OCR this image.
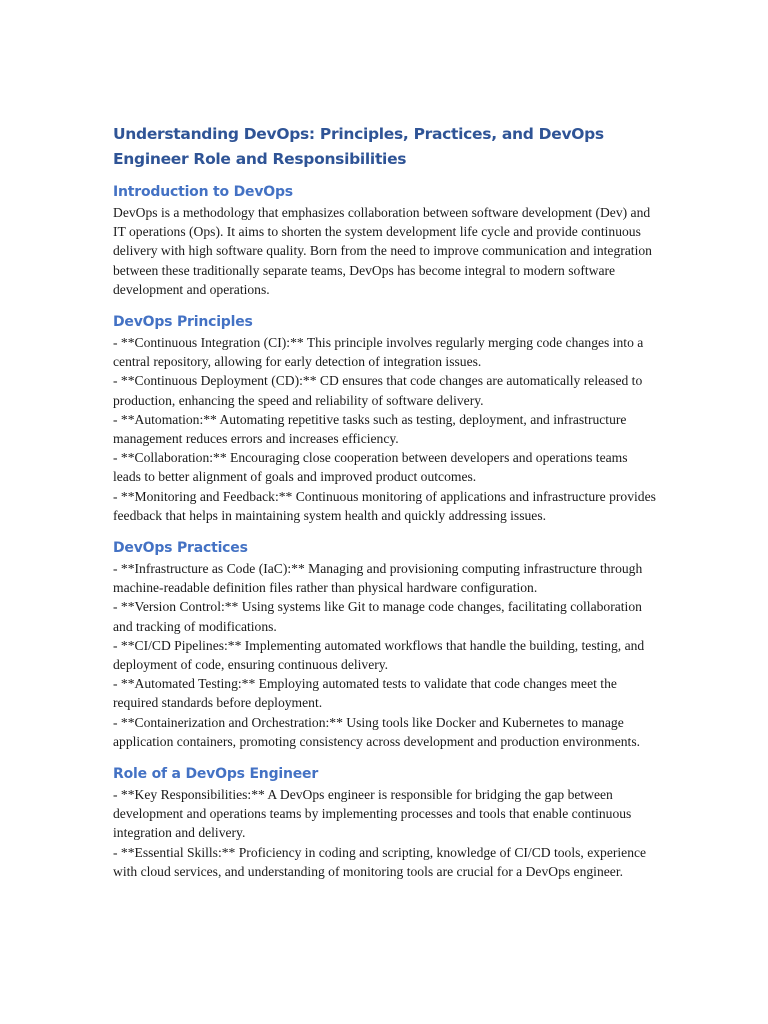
Understanding DevOps: Principles, Practices, and DevOps Engineer Role and Responsibilities
Introduction to DevOps

DevOps is a methodology that emphasizes collaboration between software development (Dev) and IT operations (Ops). It aims to shorten the system development life cycle and provide continuous delivery with high software quality. Born from the need to improve communication and integration between these traditionally separate teams, DevOps has become integral to modern software development and operations.

DevOps Principles

- **Continuous Integration (CI):** This principle involves regularly merging code changes into a central repository, allowing for early detection of integration issues.

- **Continuous Deployment (CD):** CD ensures that code changes are automatically released to production, enhancing the speed and reliability of software delivery.

- **Automation:** Automating repetitive tasks such as testing, deployment, and infrastructure management reduces errors and increases efficiency.

- **Collaboration:** Encouraging close cooperation between developers and operations teams leads to better alignment of goals and improved product outcomes.

- **Monitoring and Feedback:** Continuous monitoring of applications and infrastructure provides feedback that helps in maintaining system health and quickly addressing issues.

DevOps Practices

- **Infrastructure as Code (IaC):** Managing and provisioning computing infrastructure through machine-readable definition files rather than physical hardware configuration.

- **Version Control:** Using systems like Git to manage code changes, facilitating collaboration and tracking of modifications.

- **CI/CD Pipelines:** Implementing automated workflows that handle the building, testing, and deployment of code, ensuring continuous delivery.

- **Automated Testing:** Employing automated tests to validate that code changes meet the required standards before deployment.

- **Containerization and Orchestration:** Using tools like Docker and Kubernetes to manage application containers, promoting consistency across development and production environments.

Role of a DevOps Engineer

- **Key Responsibilities:** A DevOps engineer is responsible for bridging the gap between development and operations teams by implementing processes and tools that enable continuous integration and delivery.

- **Essential Skills:** Proficiency in coding and scripting, knowledge of CI/CD tools, experience with cloud services, and understanding of monitoring tools are crucial for a DevOps engineer.
